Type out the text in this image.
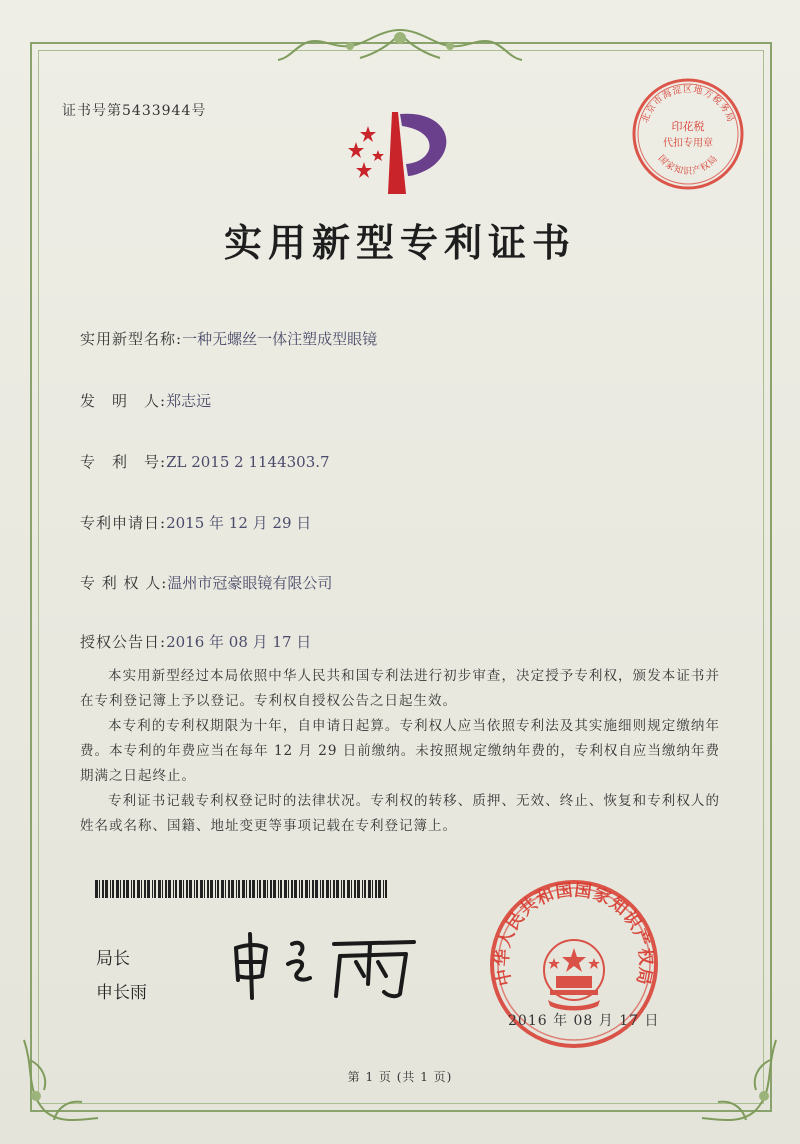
证书号第5433944号
实用新型专利证书
实用新型名称:一种无螺丝一体注塑成型眼镜
发　明　人:郑志远
专　利　号:ZL 2015 2 1144303.7
专利申请日:2015 年 12 月 29 日
专 利 权 人:温州市冠豪眼镜有限公司
授权公告日:2016 年 08 月 17 日

本实用新型经过本局依照中华人民共和国专利法进行初步审查，决定授予专利权，颁发本证书并在专利登记簿上予以登记。专利权自授权公告之日起生效。

本专利的专利权期限为十年，自申请日起算。专利权人应当依照专利法及其实施细则规定缴纳年费。本专利的年费应当在每年 12 月 29 日前缴纳。未按照规定缴纳年费的，专利权自应当缴纳年费期满之日起终止。

专利证书记载专利权登记时的法律状况。专利权的转移、质押、无效、终止、恢复和专利权人的姓名或名称、国籍、地址变更等事项记载在专利登记簿上。

局长
申长雨
北京市海淀区地方税务局
印花税
代扣专用章
国家知识产权局
中华人民共和国国家知识产权局
2016 年 08 月 17 日
第 1 页 (共 1 页)
